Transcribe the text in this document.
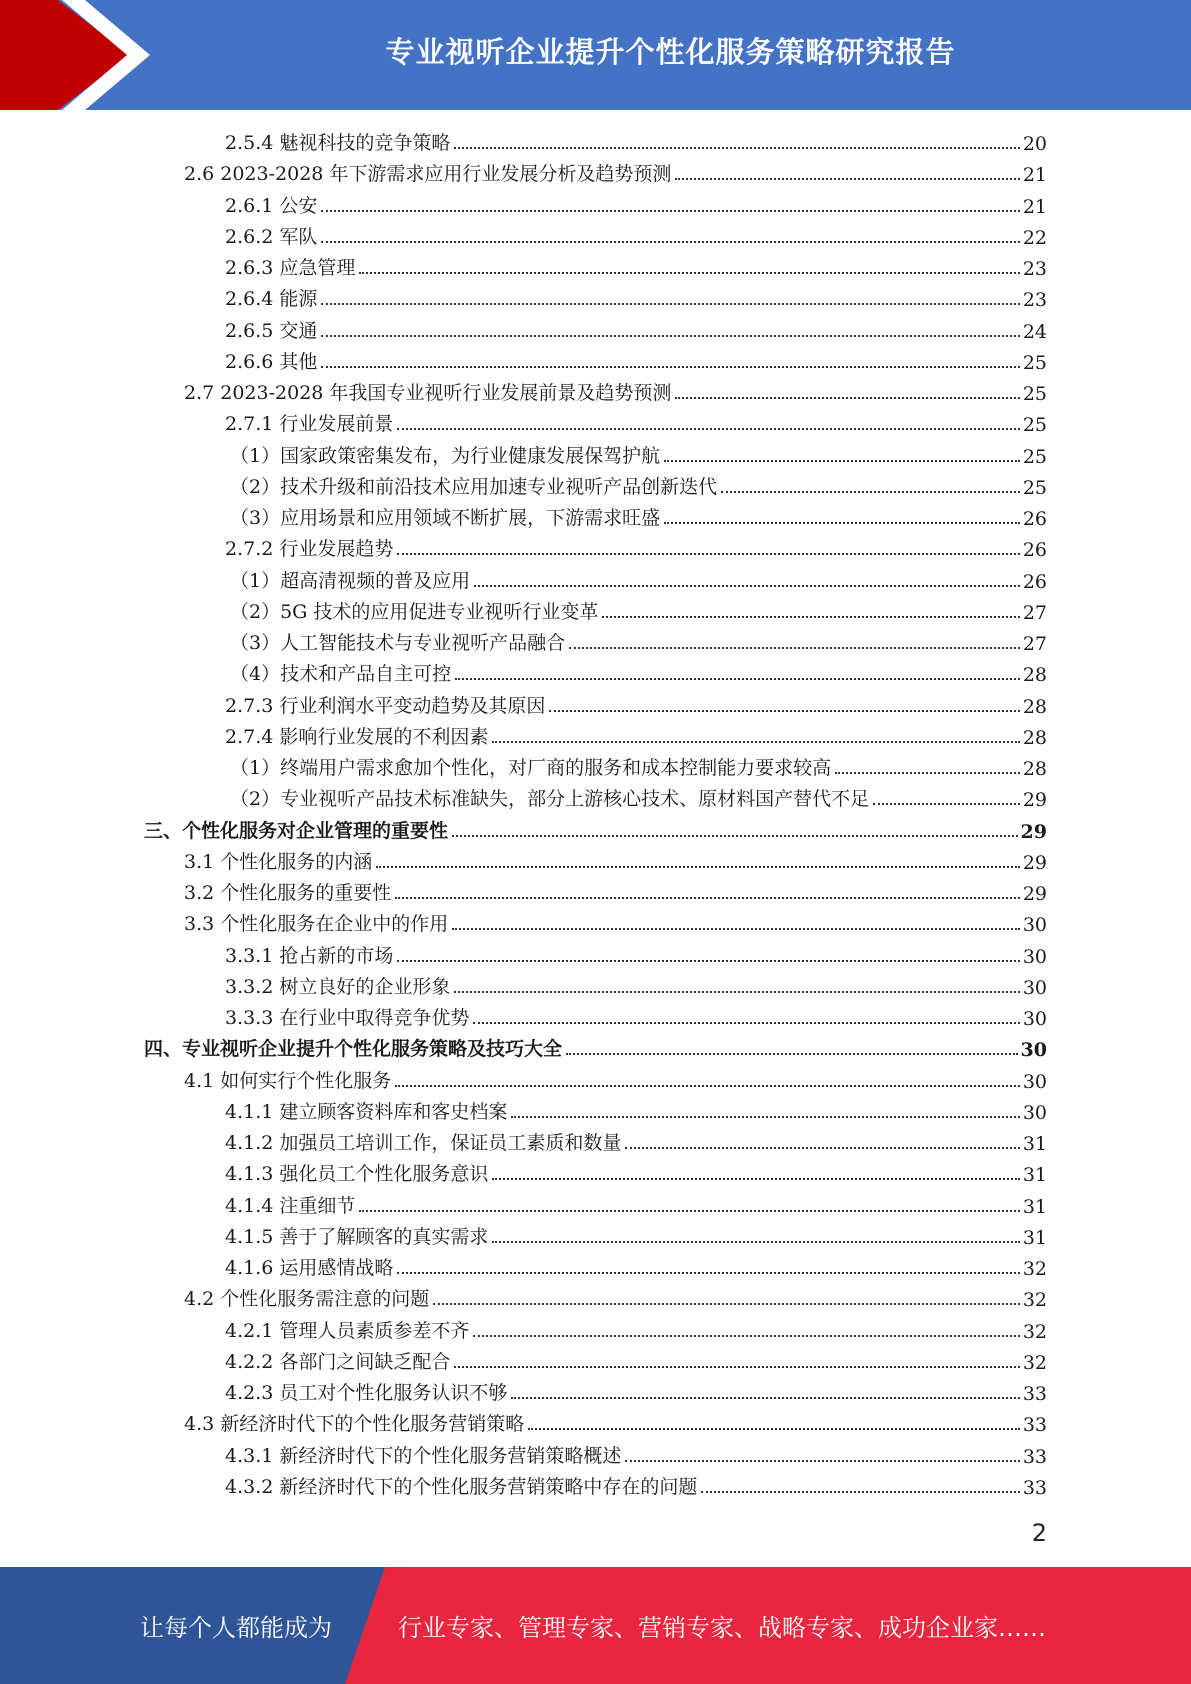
专业视听企业提升个性化服务策略研究报告
2.5.4 魅视科技的竞争策略	20
2.6 2023-2028 年下游需求应用行业发展分析及趋势预测	21
2.6.1 公安	21
2.6.2 军队	22
2.6.3 应急管理	23
2.6.4 能源	23
2.6.5 交通	24
2.6.6 其他	25
2.7 2023-2028 年我国专业视听行业发展前景及趋势预测	25
2.7.1 行业发展前景	25
（1）国家政策密集发布，为行业健康发展保驾护航	25
（2）技术升级和前沿技术应用加速专业视听产品创新迭代	25
（3）应用场景和应用领域不断扩展，下游需求旺盛	26
2.7.2 行业发展趋势	26
（1）超高清视频的普及应用	26
（2）5G 技术的应用促进专业视听行业变革	27
（3）人工智能技术与专业视听产品融合	27
（4）技术和产品自主可控	28
2.7.3 行业利润水平变动趋势及其原因	28
2.7.4 影响行业发展的不利因素	28
（1）终端用户需求愈加个性化，对厂商的服务和成本控制能力要求较高	28
（2）专业视听产品技术标准缺失，部分上游核心技术、原材料国产替代不足	29
三、个性化服务对企业管理的重要性	29
3.1 个性化服务的内涵	29
3.2 个性化服务的重要性	29
3.3 个性化服务在企业中的作用	30
3.3.1 抢占新的市场	30
3.3.2 树立良好的企业形象	30
3.3.3 在行业中取得竞争优势	30
四、专业视听企业提升个性化服务策略及技巧大全	30
4.1 如何实行个性化服务	30
4.1.1 建立顾客资料库和客史档案	30
4.1.2 加强员工培训工作，保证员工素质和数量	31
4.1.3 强化员工个性化服务意识	31
4.1.4 注重细节	31
4.1.5 善于了解顾客的真实需求	31
4.1.6 运用感情战略	32
4.2 个性化服务需注意的问题	32
4.2.1 管理人员素质参差不齐	32
4.2.2 各部门之间缺乏配合	32
4.2.3 员工对个性化服务认识不够	33
4.3 新经济时代下的个性化服务营销策略	33
4.3.1 新经济时代下的个性化服务营销策略概述	33
4.3.2 新经济时代下的个性化服务营销策略中存在的问题	33
2
让每个人都能成为	行业专家、管理专家、营销专家、战略专家、成功企业家……
